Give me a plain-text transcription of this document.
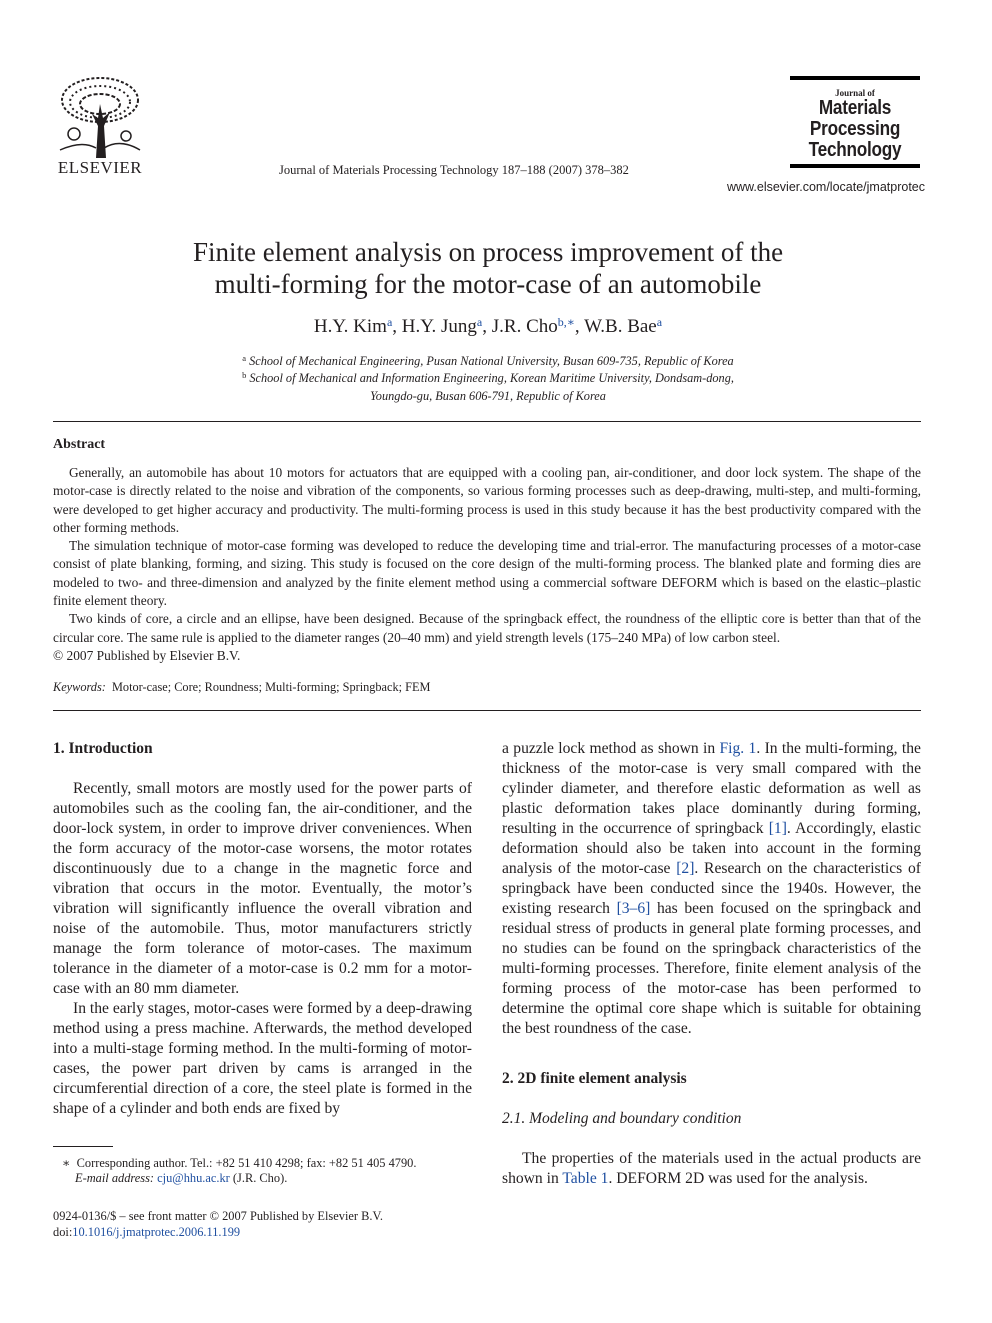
ELSEVIER	Journal of Materials Processing Technology 187–188 (2007) 378–382
Journal of
Materials
Processing
Technology
www.elsevier.com/locate/jmatprotec
Finite element analysis on process improvement of the
multi-forming for the motor-case of an automobile
H.Y. Kim$^a$, H.Y. Jung$^a$, J.R. Cho$^{b,∗}$, W.B. Bae$^a$
$^a$ School of Mechanical Engineering, Pusan National University, Busan 609-735, Republic of Korea
$^b$ School of Mechanical and Information Engineering, Korean Maritime University, Dondsam-dong,
Youngdo-gu, Busan 606-791, Republic of Korea
Abstract

Generally, an automobile has about 10 motors for actuators that are equipped with a cooling pan, air-conditioner, and door lock system. The shape of the motor-case is directly related to the noise and vibration of the components, so various forming processes such as deep-drawing, multi-step, and multi-forming, were developed to get higher accuracy and productivity. The multi-forming process is used in this study because it has the best productivity compared with the other forming methods.

The simulation technique of motor-case forming was developed to reduce the developing time and trial-error. The manufacturing processes of a motor-case consist of plate blanking, forming, and sizing. This study is focused on the core design of the multi-forming process. The blanked plate and forming dies are modeled to two- and three-dimension and analyzed by the finite element method using a commercial software DEFORM which is based on the elastic–plastic finite element theory.

Two kinds of core, a circle and an ellipse, have been designed. Because of the springback effect, the roundness of the elliptic core is better than that of the circular core. The same rule is applied to the diameter ranges (20–40 mm) and yield strength levels (175–240 MPa) of low carbon steel.

© 2007 Published by Elsevier B.V.

Keywords: Motor-case; Core; Roundness; Multi-forming; Springback; FEM
1. Introduction

Recently, small motors are mostly used for the power parts of automobiles such as the cooling fan, the air-conditioner, and the door-lock system, in order to improve driver conveniences. When the form accuracy of the motor-case worsens, the motor rotates discontinuously due to a change in the magnetic force and vibration that occurs in the motor. Eventually, the motor’s vibration will significantly influence the overall vibration and noise of the automobile. Thus, motor manufacturers strictly manage the form tolerance of motor-cases. The maximum tolerance in the diameter of a motor-case is 0.2 mm for a motor-case with an 80 mm diameter.

In the early stages, motor-cases were formed by a deep-drawing method using a press machine. Afterwards, the method developed into a multi-stage forming method. In the multi-forming of motor-cases, the power part driven by cams is arranged in the circumferential direction of a core, the steel plate is formed in the shape of a cylinder and both ends are fixed by

a puzzle lock method as shown in Fig. 1. In the multi-forming, the thickness of the motor-case is very small compared with the cylinder diameter, and therefore elastic deformation as well as plastic deformation takes place dominantly during forming, resulting in the occurrence of springback [1]. Accordingly, elastic deformation should also be taken into account in the forming analysis of the motor-case [2]. Research on the characteristics of springback have been conducted since the 1940s. However, the existing research [3–6] has been focused on the springback and residual stress of products in general plate forming processes, and no studies can be found on the springback characteristics of the multi-forming processes. Therefore, finite element analysis of the forming process of the motor-case has been performed to determine the optimal core shape which is suitable for obtaining the best roundness of the case.

2. 2D finite element analysis
2.1. Modeling and boundary condition

The properties of the materials used in the actual products are shown in Table 1. DEFORM 2D was used for the analysis.

∗ Corresponding author. Tel.: +82 51 410 4298; fax: +82 51 405 4790.
E-mail address: cju@hhu.ac.kr (J.R. Cho).
0924-0136/$ – see front matter © 2007 Published by Elsevier B.V.
doi:10.1016/j.jmatprotec.2006.11.199
